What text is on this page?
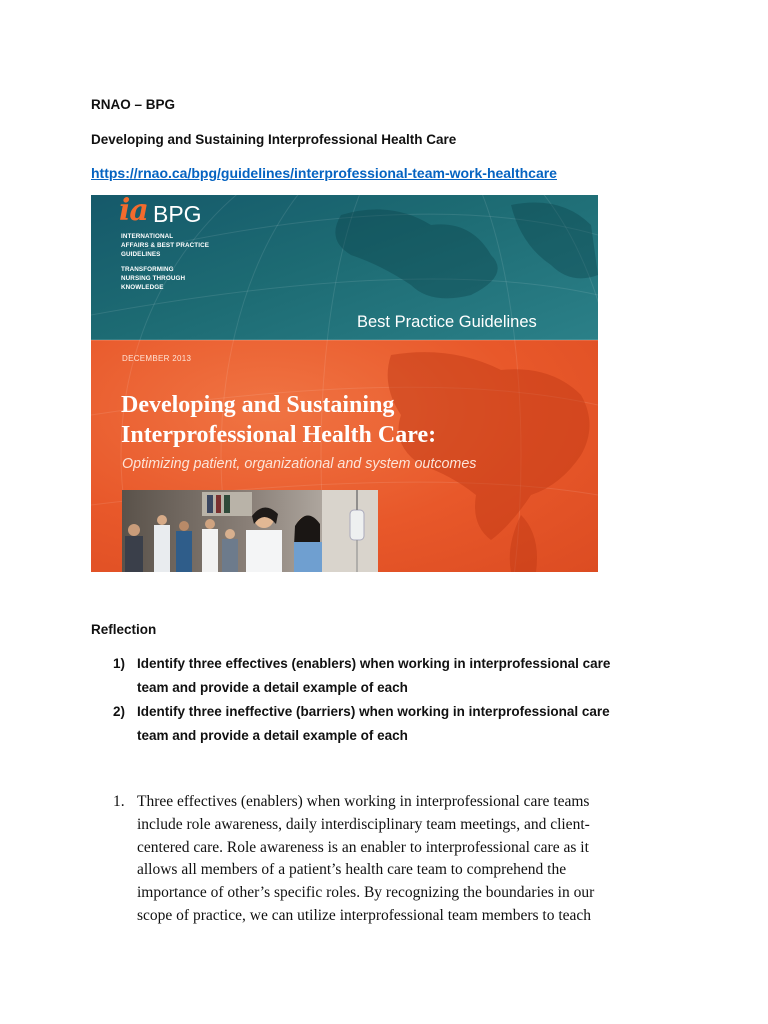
RNAO – BPG
Developing and Sustaining Interprofessional Health Care
https://rnao.ca/bpg/guidelines/interprofessional-team-work-healthcare
ia BPG
INTERNATIONAL
AFFAIRS & BEST PRACTICE
GUIDELINES
TRANSFORMING
NURSING THROUGH
KNOWLEDGE
Best Practice Guidelines
DECEMBER 2013
Developing and Sustaining
Interprofessional Health Care:
Optimizing patient, organizational and system outcomes
Reflection
1) Identify three effectives (enablers) when working in interprofessional care
team and provide a detail example of each
2) Identify three ineffective (barriers) when working in interprofessional care
team and provide a detail example of each
1. Three effectives (enablers) when working in interprofessional care teams
include role awareness, daily interdisciplinary team meetings, and client-
centered care. Role awareness is an enabler to interprofessional care as it
allows all members of a patient’s health care team to comprehend the
importance of other’s specific roles. By recognizing the boundaries in our
scope of practice, we can utilize interprofessional team members to teach
